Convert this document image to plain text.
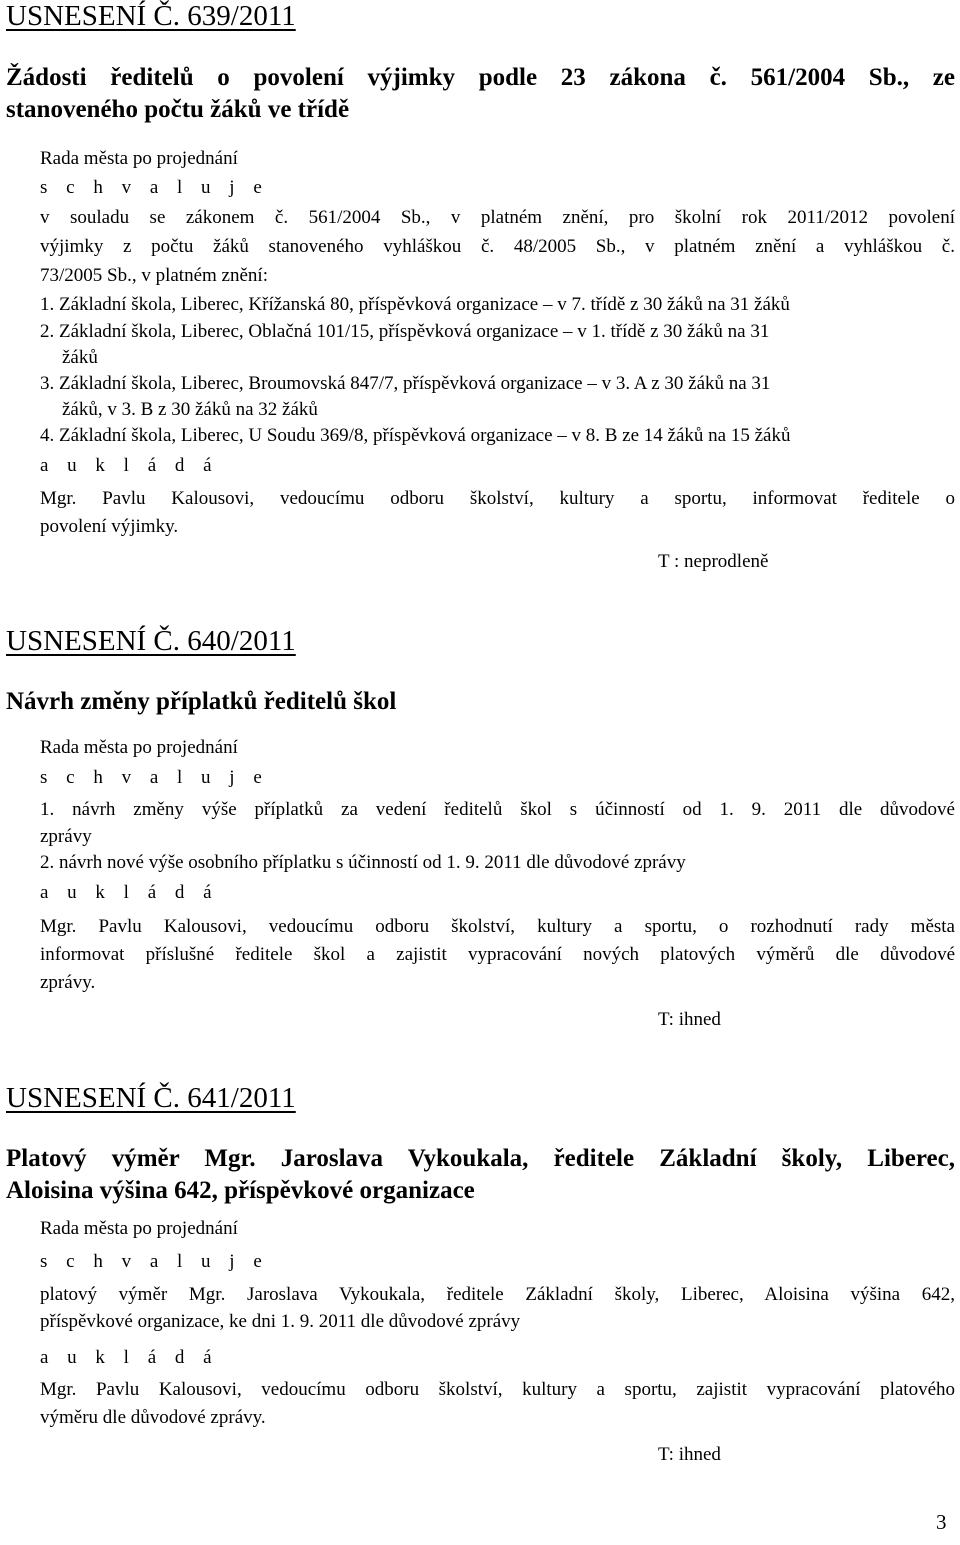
USNESENÍ Č. 639/2011
Žádosti ředitelů o povolení výjimky podle 23 zákona č. 561/2004 Sb., ze
stanoveného počtu žáků ve třídě
Rada města po projednání
s c h v a l u j e
v souladu se zákonem č. 561/2004 Sb., v platném znění, pro školní rok 2011/2012 povolení
výjimky z počtu žáků stanoveného vyhláškou č. 48/2005 Sb., v platném znění a vyhláškou č.
73/2005 Sb., v platném znění:
1. Základní škola, Liberec, Křížanská 80, příspěvková organizace – v 7. třídě z 30 žáků na 31 žáků
2. Základní škola, Liberec, Oblačná 101/15, příspěvková organizace – v 1. třídě z 30 žáků na 31
žáků
3. Základní škola, Liberec, Broumovská 847/7, příspěvková organizace – v 3. A z 30 žáků na 31
žáků, v 3. B z 30 žáků na 32 žáků
4. Základní škola, Liberec, U Soudu 369/8, příspěvková organizace – v 8. B ze 14 žáků na 15 žáků
a u k l á d á
Mgr. Pavlu Kalousovi, vedoucímu odboru školství, kultury a sportu, informovat ředitele o
povolení výjimky.
T : neprodleně
USNESENÍ Č. 640/2011
Návrh změny příplatků ředitelů škol
Rada města po projednání
s c h v a l u j e
1. návrh změny výše příplatků za vedení ředitelů škol s účinností od 1. 9. 2011 dle důvodové
zprávy
2. návrh nové výše osobního příplatku s účinností od 1. 9. 2011 dle důvodové zprávy
a u k l á d á
Mgr. Pavlu Kalousovi, vedoucímu odboru školství, kultury a sportu, o rozhodnutí rady města
informovat příslušné ředitele škol a zajistit vypracování nových platových výměrů dle důvodové
zprávy.
T: ihned
USNESENÍ Č. 641/2011
Platový výměr Mgr. Jaroslava Vykoukala, ředitele Základní školy, Liberec,
Aloisina výšina 642, příspěvkové organizace
Rada města po projednání
s c h v a l u j e
platový výměr Mgr. Jaroslava Vykoukala, ředitele Základní školy, Liberec, Aloisina výšina 642,
příspěvkové organizace, ke dni 1. 9. 2011 dle důvodové zprávy
a u k l á d á
Mgr. Pavlu Kalousovi, vedoucímu odboru školství, kultury a sportu, zajistit vypracování platového
výměru dle důvodové zprávy.
T: ihned
3
